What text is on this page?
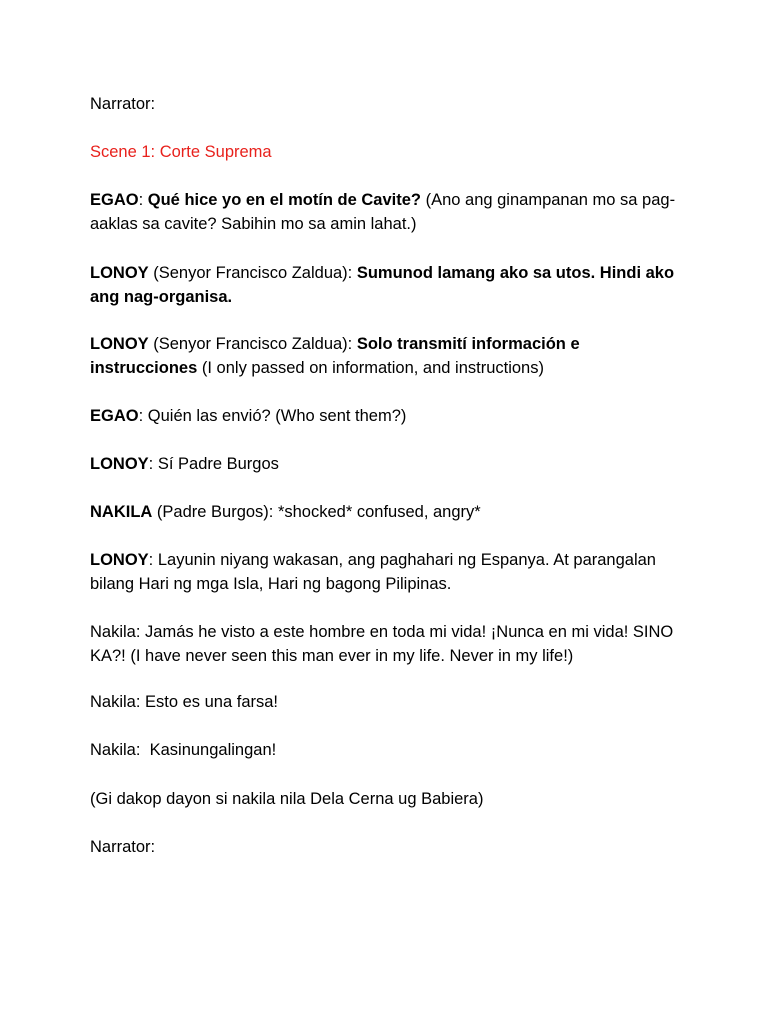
Narrator:

Scene 1: Corte Suprema

EGAO: Qué hice yo en el motín de Cavite? (Ano ang ginampanan mo sa pag-aaklas sa cavite? Sabihin mo sa amin lahat.)

LONOY (Senyor Francisco Zaldua): Sumunod lamang ako sa utos. Hindi ako ang nag-organisa.

LONOY (Senyor Francisco Zaldua): Solo transmití información e instrucciones (I only passed on information, and instructions)

EGAO: Quién las envió? (Who sent them?)

LONOY: Sí Padre Burgos

NAKILA (Padre Burgos): *shocked* confused, angry*

LONOY: Layunin niyang wakasan, ang paghahari ng Espanya. At parangalan bilang Hari ng mga Isla, Hari ng bagong Pilipinas.

Nakila: Jamás he visto a este hombre en toda mi vida! ¡Nunca en mi vida! SINO KA?! (I have never seen this man ever in my life. Never in my life!)

Nakila: Esto es una farsa!

Nakila:  Kasinungalingan!

(Gi dakop dayon si nakila nila Dela Cerna ug Babiera)

Narrator:
